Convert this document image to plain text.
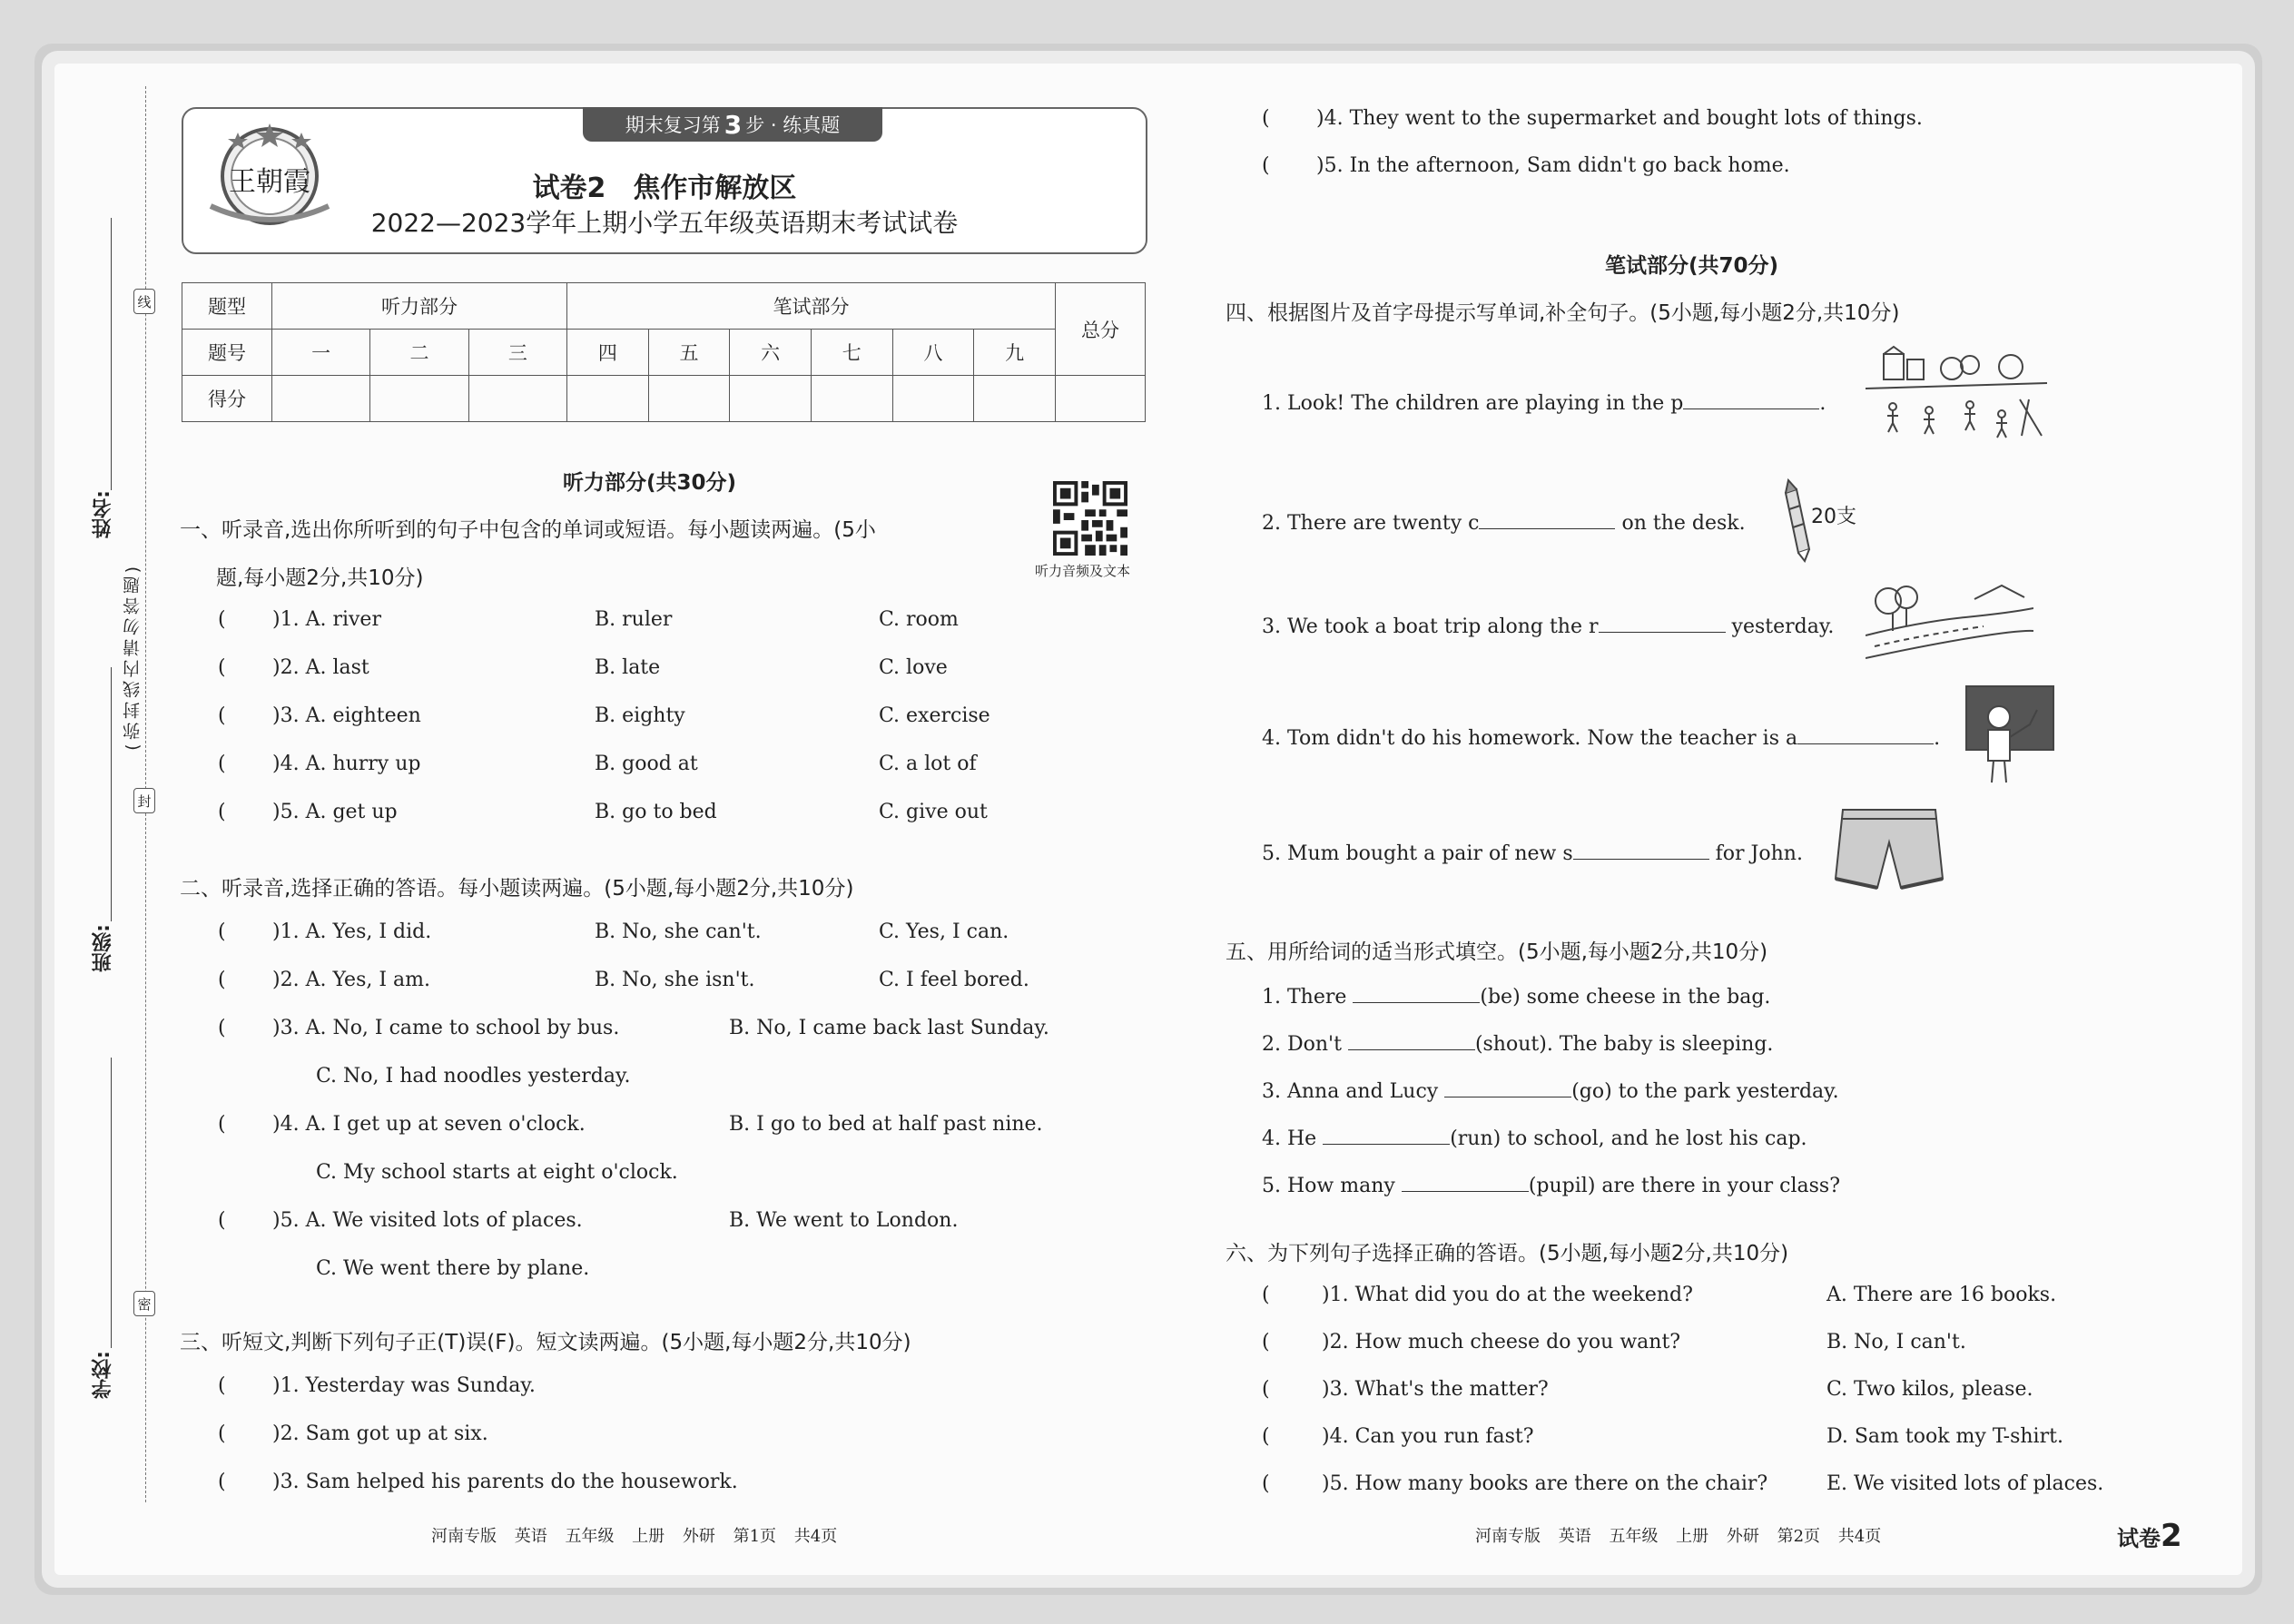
线
封
密
(弥封线内请勿答题)
姓名:
班级:
学校:
期末复习第 3 步 · 练真题
王朝霞	试卷2　焦作市解放区
2022—2023学年上期小学五年级英语期末考试试卷
题型	听力部分			笔试部分						总分
题号	一	二	三	四	五	六	七	八	九	
得分										
听力音频及文本
听力部分(共30分)
一、听录音,选出你所听到的句子中包含的单词或短语。每小题读两遍。(5小
题,每小题2分,共10分)
( )1. A. river	B. ruler	C. room
( )2. A. last	B. late	C. love
( )3. A. eighteen	B. eighty	C. exercise
( )4. A. hurry up	B. good at	C. a lot of
( )5. A. get up	B. go to bed	C. give out
二、听录音,选择正确的答语。每小题读两遍。(5小题,每小题2分,共10分)
( )1. A. Yes, I did.	B. No, she can't.	C. Yes, I can.
( )2. A. Yes, I am.	B. No, she isn't.	C. I feel bored.
( )3. A. No, I came to school by bus.	B. No, I came back last Sunday.
C. No, I had noodles yesterday.
( )4. A. I get up at seven o'clock.	B. I go to bed at half past nine.
C. My school starts at eight o'clock.
( )5. A. We visited lots of places.	B. We went to London.
C. We went there by plane.
三、听短文,判断下列句子正(T)误(F)。短文读两遍。(5小题,每小题2分,共10分)
( )1. Yesterday was Sunday.
( )2. Sam got up at six.
( )3. Sam helped his parents do the housework.
河南专版 英语 五年级 上册 外研 第1页 共4页
( )4. They went to the supermarket and bought lots of things.
( )5. In the afternoon, Sam didn't go back home.
笔试部分(共70分)
四、根据图片及首字母提示写单词,补全句子。(5小题,每小题2分,共10分)
1. Look! The children are playing in the p	.
2. There are twenty c	on the desk.	20支
3. We took a boat trip along the r	yesterday.
4. Tom didn't do his homework. Now the teacher is a	.
5. Mum bought a pair of new s	for John.
五、用所给词的适当形式填空。(5小题,每小题2分,共10分)
1. There	(be) some cheese in the bag.
2. Don't	(shout). The baby is sleeping.
3. Anna and Lucy	(go) to the park yesterday.
4. He	(run) to school, and he lost his cap.
5. How many	(pupil) are there in your class?
六、为下列句子选择正确的答语。(5小题,每小题2分,共10分)
(	)1. What did you do at the weekend?	A. There are 16 books.
(	)2. How much cheese do you want?	B. No, I can't.
(	)3. What's the matter?	C. Two kilos, please.
(	)4. Can you run fast?	D. Sam took my T-shirt.
(	)5. How many books are there on the chair?	E. We visited lots of places.
河南专版 英语 五年级 上册 外研 第2页 共4页	试卷2
